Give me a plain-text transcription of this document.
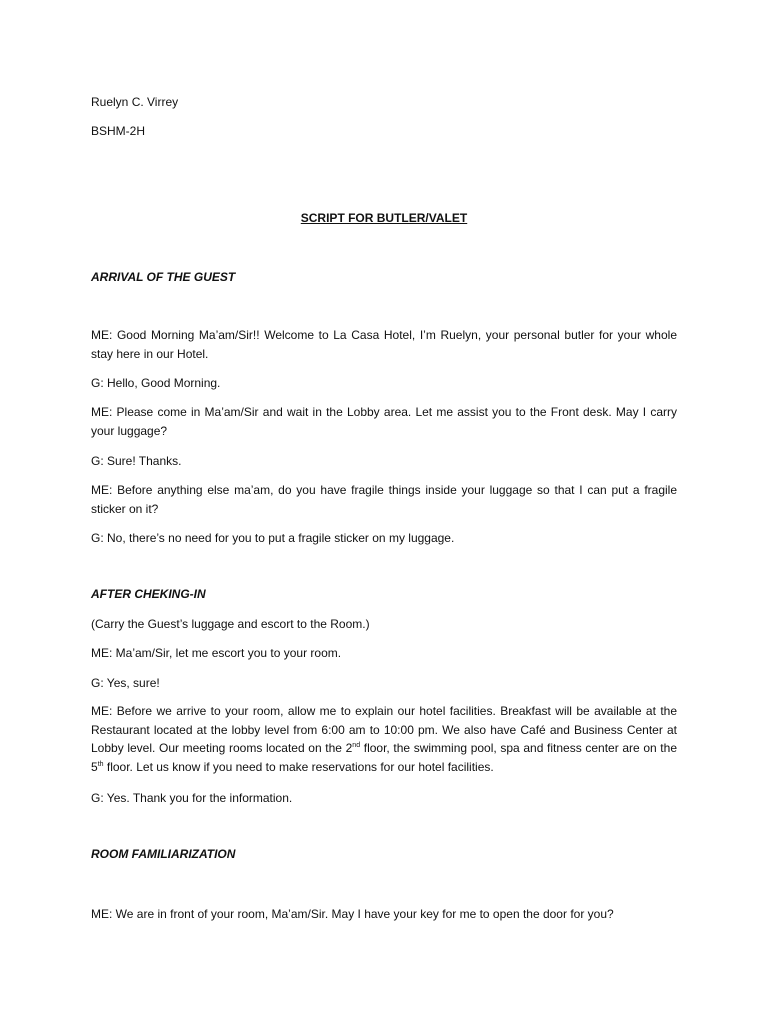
Ruelyn C. Virrey
BSHM-2H
SCRIPT FOR BUTLER/VALET
ARRIVAL OF THE GUEST
ME: Good Morning Ma’am/Sir!! Welcome to La Casa Hotel, I’m Ruelyn, your personal butler for your whole stay here in our Hotel.
G: Hello, Good Morning.
ME: Please come in Ma’am/Sir and wait in the Lobby area. Let me assist you to the Front desk. May I carry your luggage?
G: Sure! Thanks.
ME: Before anything else ma’am, do you have fragile things inside your luggage so that I can put a fragile sticker on it?
G: No, there’s no need for you to put a fragile sticker on my luggage.
AFTER CHEKING-IN
(Carry the Guest’s luggage and escort to the Room.)
ME: Ma’am/Sir, let me escort you to your room.
G: Yes, sure!
ME: Before we arrive to your room, allow me to explain our hotel facilities. Breakfast will be available at the Restaurant located at the lobby level from 6:00 am to 10:00 pm. We also have Café and Business Center at Lobby level. Our meeting rooms located on the 2nd floor, the swimming pool, spa and fitness center are on the 5th floor. Let us know if you need to make reservations for our hotel facilities.
G: Yes. Thank you for the information.
ROOM FAMILIARIZATION
ME: We are in front of your room, Ma’am/Sir. May I have your key for me to open the door for you?
